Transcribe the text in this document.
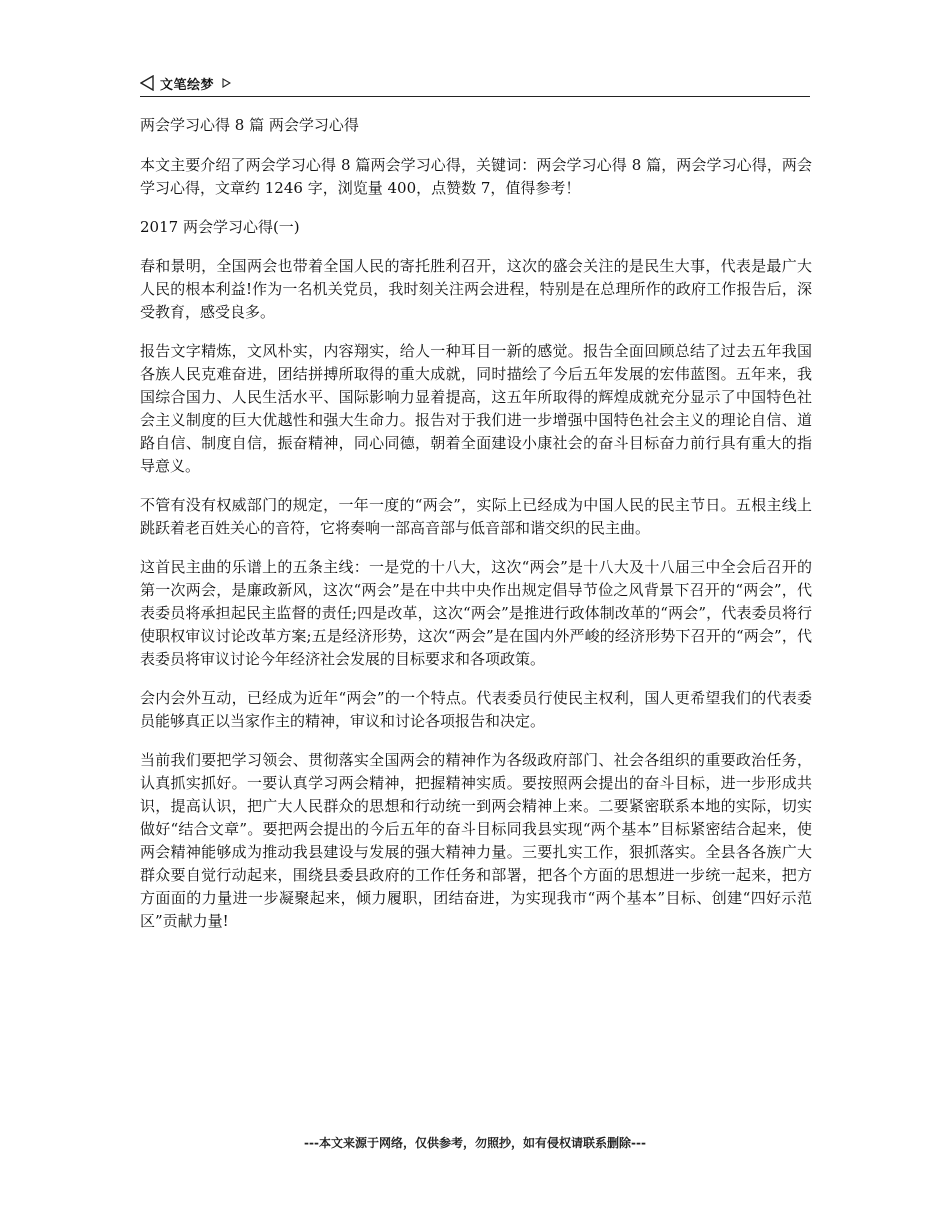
文笔绘梦

两会学习心得 8 篇 两会学习心得

本文主要介绍了两会学习心得 8 篇两会学习心得，关键词：两会学习心得 8 篇，两会学习心得，两会学习心得，文章约 1246 字，浏览量 400，点赞数 7，值得参考！

2017 两会学习心得(一)

春和景明，全国两会也带着全国人民的寄托胜利召开，这次的盛会关注的是民生大事，代表是最广大人民的根本利益!作为一名机关党员，我时刻关注两会进程，特别是在总理所作的政府工作报告后，深受教育，感受良多。

报告文字精炼，文风朴实，内容翔实，给人一种耳目一新的感觉。报告全面回顾总结了过去五年我国各族人民克难奋进，团结拼搏所取得的重大成就，同时描绘了今后五年发展的宏伟蓝图。五年来，我国综合国力、人民生活水平、国际影响力显着提高，这五年所取得的辉煌成就充分显示了中国特色社会主义制度的巨大优越性和强大生命力。报告对于我们进一步增强中国特色社会主义的理论自信、道路自信、制度自信，振奋精神，同心同德，朝着全面建设小康社会的奋斗目标奋力前行具有重大的指导意义。

不管有没有权威部门的规定，一年一度的“两会”，实际上已经成为中国人民的民主节日。五根主线上跳跃着老百姓关心的音符，它将奏响一部高音部与低音部和谐交织的民主曲。

这首民主曲的乐谱上的五条主线：一是党的十八大，这次“两会”是十八大及十八届三中全会后召开的第一次两会，是廉政新风，这次“两会”是在中共中央作出规定倡导节俭之风背景下召开的“两会”，代表委员将承担起民主监督的责任;四是改革，这次“两会”是推进行政体制改革的“两会”，代表委员将行使职权审议讨论改革方案;五是经济形势，这次“两会”是在国内外严峻的经济形势下召开的“两会”，代表委员将审议讨论今年经济社会发展的目标要求和各项政策。

会内会外互动，已经成为近年“两会”的一个特点。代表委员行使民主权利，国人更希望我们的代表委员能够真正以当家作主的精神，审议和讨论各项报告和决定。

当前我们要把学习领会、贯彻落实全国两会的精神作为各级政府部门、社会各组织的重要政治任务，认真抓实抓好。一要认真学习两会精神，把握精神实质。要按照两会提出的奋斗目标，进一步形成共识，提高认识，把广大人民群众的思想和行动统一到两会精神上来。二要紧密联系本地的实际，切实做好“结合文章”。要把两会提出的今后五年的奋斗目标同我县实现“两个基本”目标紧密结合起来，使两会精神能够成为推动我县建设与发展的强大精神力量。三要扎实工作，狠抓落实。全县各各族广大群众要自觉行动起来，围绕县委县政府的工作任务和部署，把各个方面的思想进一步统一起来，把方方面面的力量进一步凝聚起来，倾力履职，团结奋进，为实现我市“两个基本”目标、创建“四好示范区”贡献力量!

---本文来源于网络，仅供参考，勿照抄，如有侵权请联系删除---
